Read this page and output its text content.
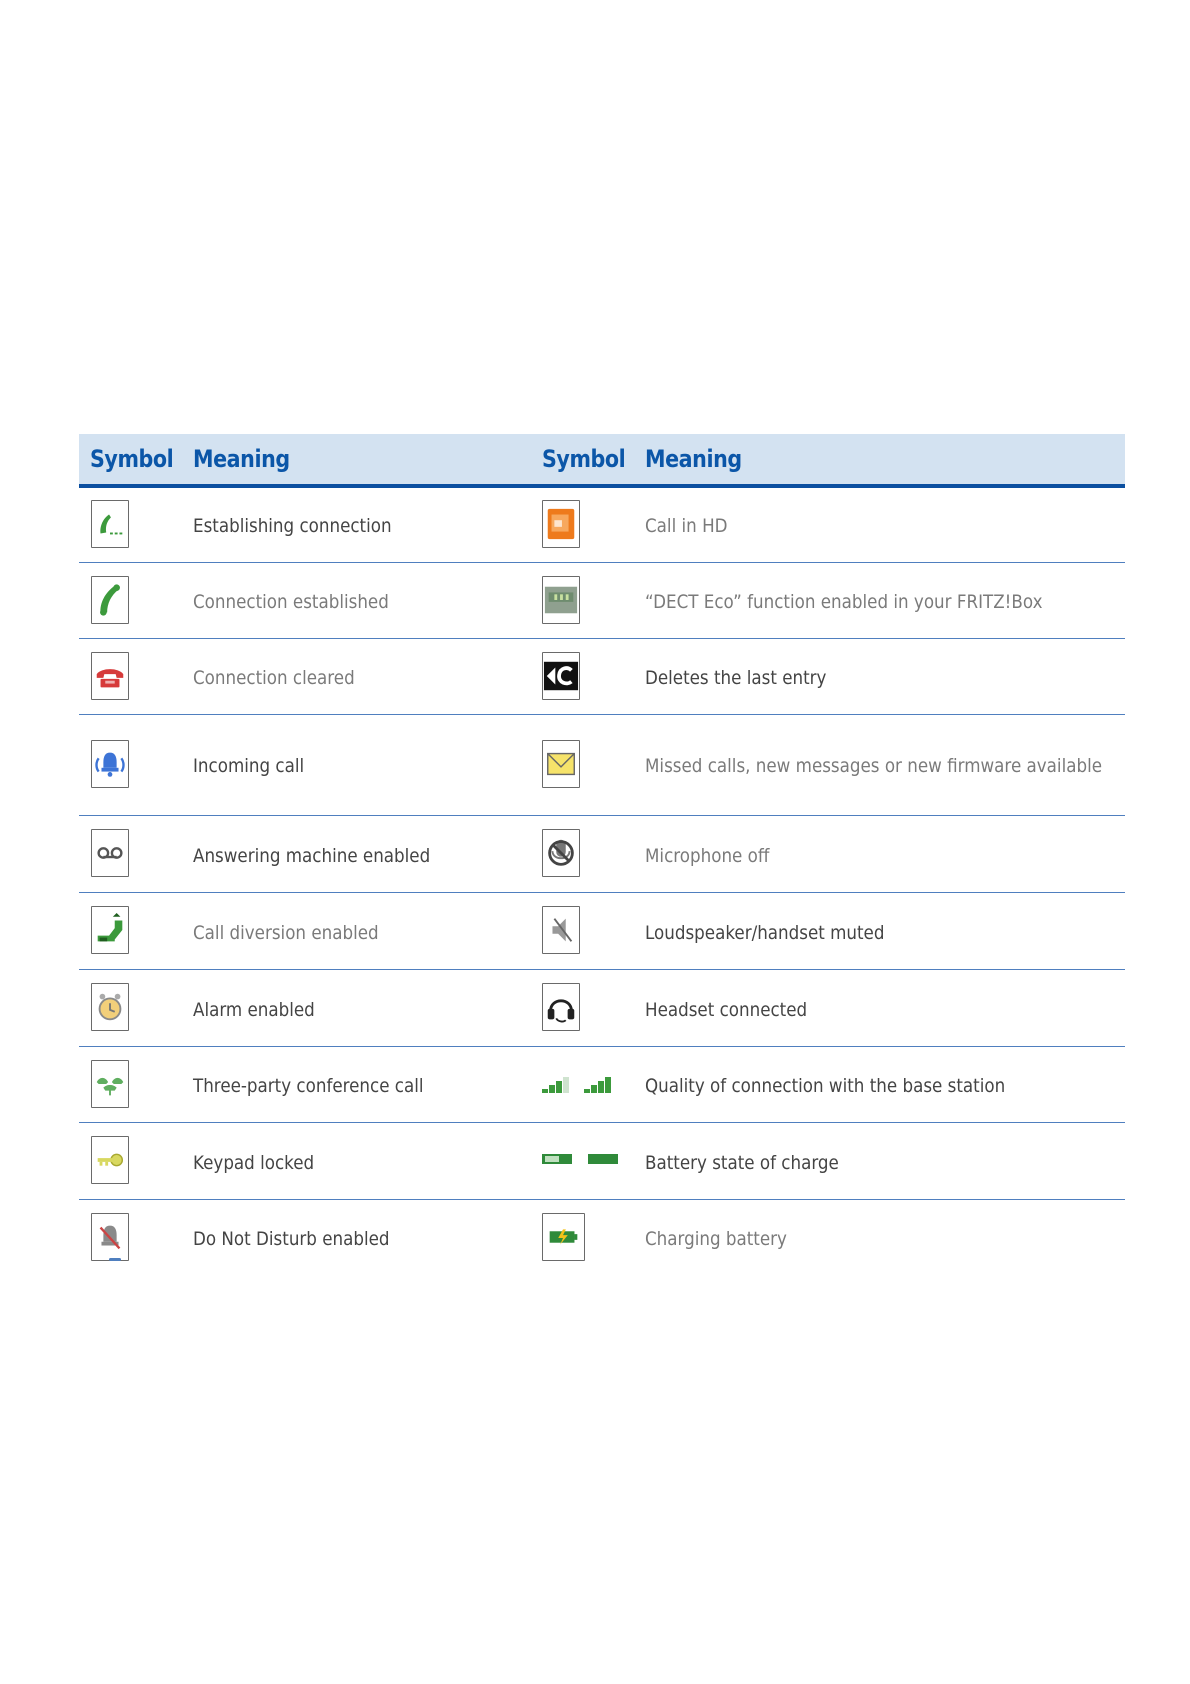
Symbol Meaning	Symbol Meaning
Establishing connection	Call in HD
Connection established	“DECT Eco” function enabled in your FRITZ!Box
Connection cleared	Deletes the last entry
Incoming call	Missed calls, new messages or new firmware available
Answering machine enabled	Microphone off
Call diversion enabled	Loudspeaker/handset muted
Alarm enabled	Headset connected
Three-party conference call	Quality of connection with the base station
Keypad locked	Battery state of charge
Do Not Disturb enabled	Charging battery
